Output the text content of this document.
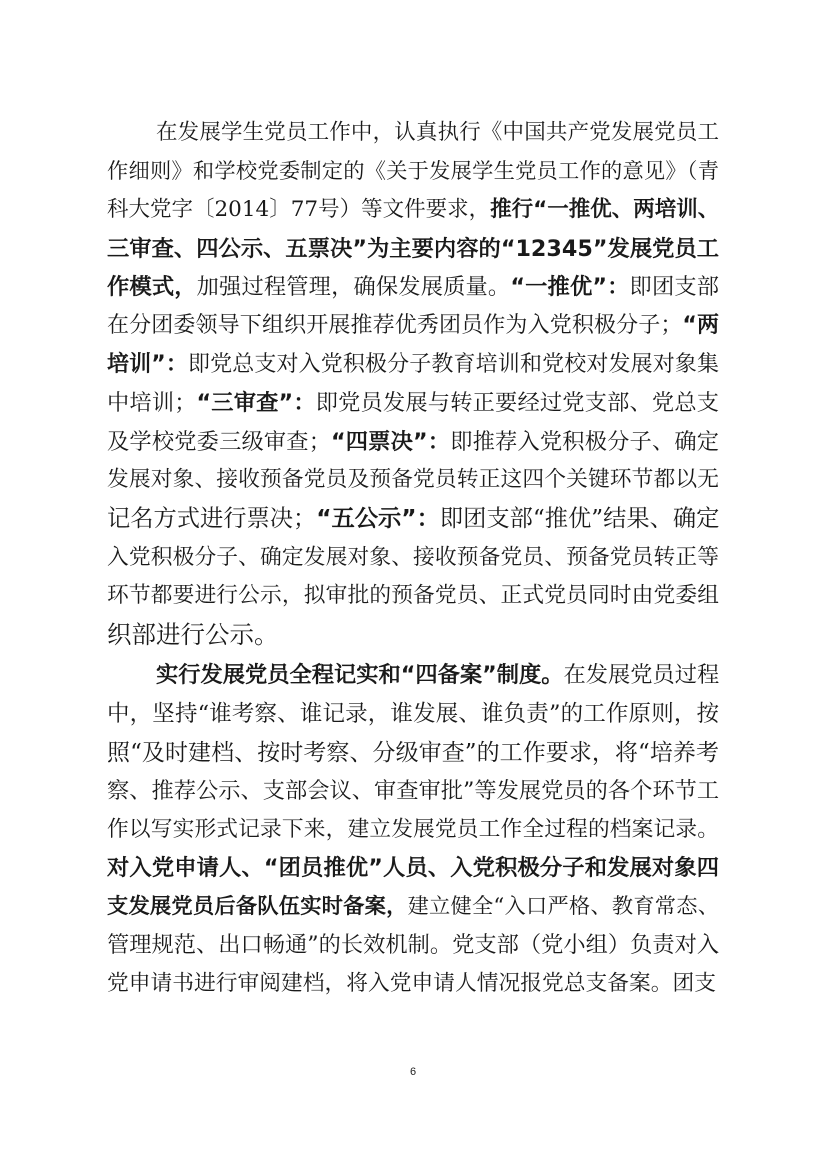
在发展学生党员工作中，认真执行《中国共产党发展党员工
作细则》和学校党委制定的《关于发展学生党员工作的意见》（青
科大党字〔2014〕77号）等文件要求，推行“一推优、两培训、
三审查、四公示、五票决”为主要内容的“12345”发展党员工
作模式，加强过程管理，确保发展质量。“一推优”：即团支部
在分团委领导下组织开展推荐优秀团员作为入党积极分子；“两
培训”：即党总支对入党积极分子教育培训和党校对发展对象集
中培训；“三审查”：即党员发展与转正要经过党支部、党总支
及学校党委三级审查；“四票决”：即推荐入党积极分子、确定
发展对象、接收预备党员及预备党员转正这四个关键环节都以无
记名方式进行票决；“五公示”：即团支部“推优”结果、确定
入党积极分子、确定发展对象、接收预备党员、预备党员转正等
环节都要进行公示，拟审批的预备党员、正式党员同时由党委组
织部进行公示。
实行发展党员全程记实和“四备案”制度。在发展党员过程
中，坚持“谁考察、谁记录，谁发展、谁负责”的工作原则，按
照“及时建档、按时考察、分级审查”的工作要求，将“培养考
察、推荐公示、支部会议、审查审批”等发展党员的各个环节工
作以写实形式记录下来，建立发展党员工作全过程的档案记录。
对入党申请人、“团员推优”人员、入党积极分子和发展对象四
支发展党员后备队伍实时备案，建立健全“入口严格、教育常态、
管理规范、出口畅通”的长效机制。党支部（党小组）负责对入
党申请书进行审阅建档，将入党申请人情况报党总支备案。团支
6
